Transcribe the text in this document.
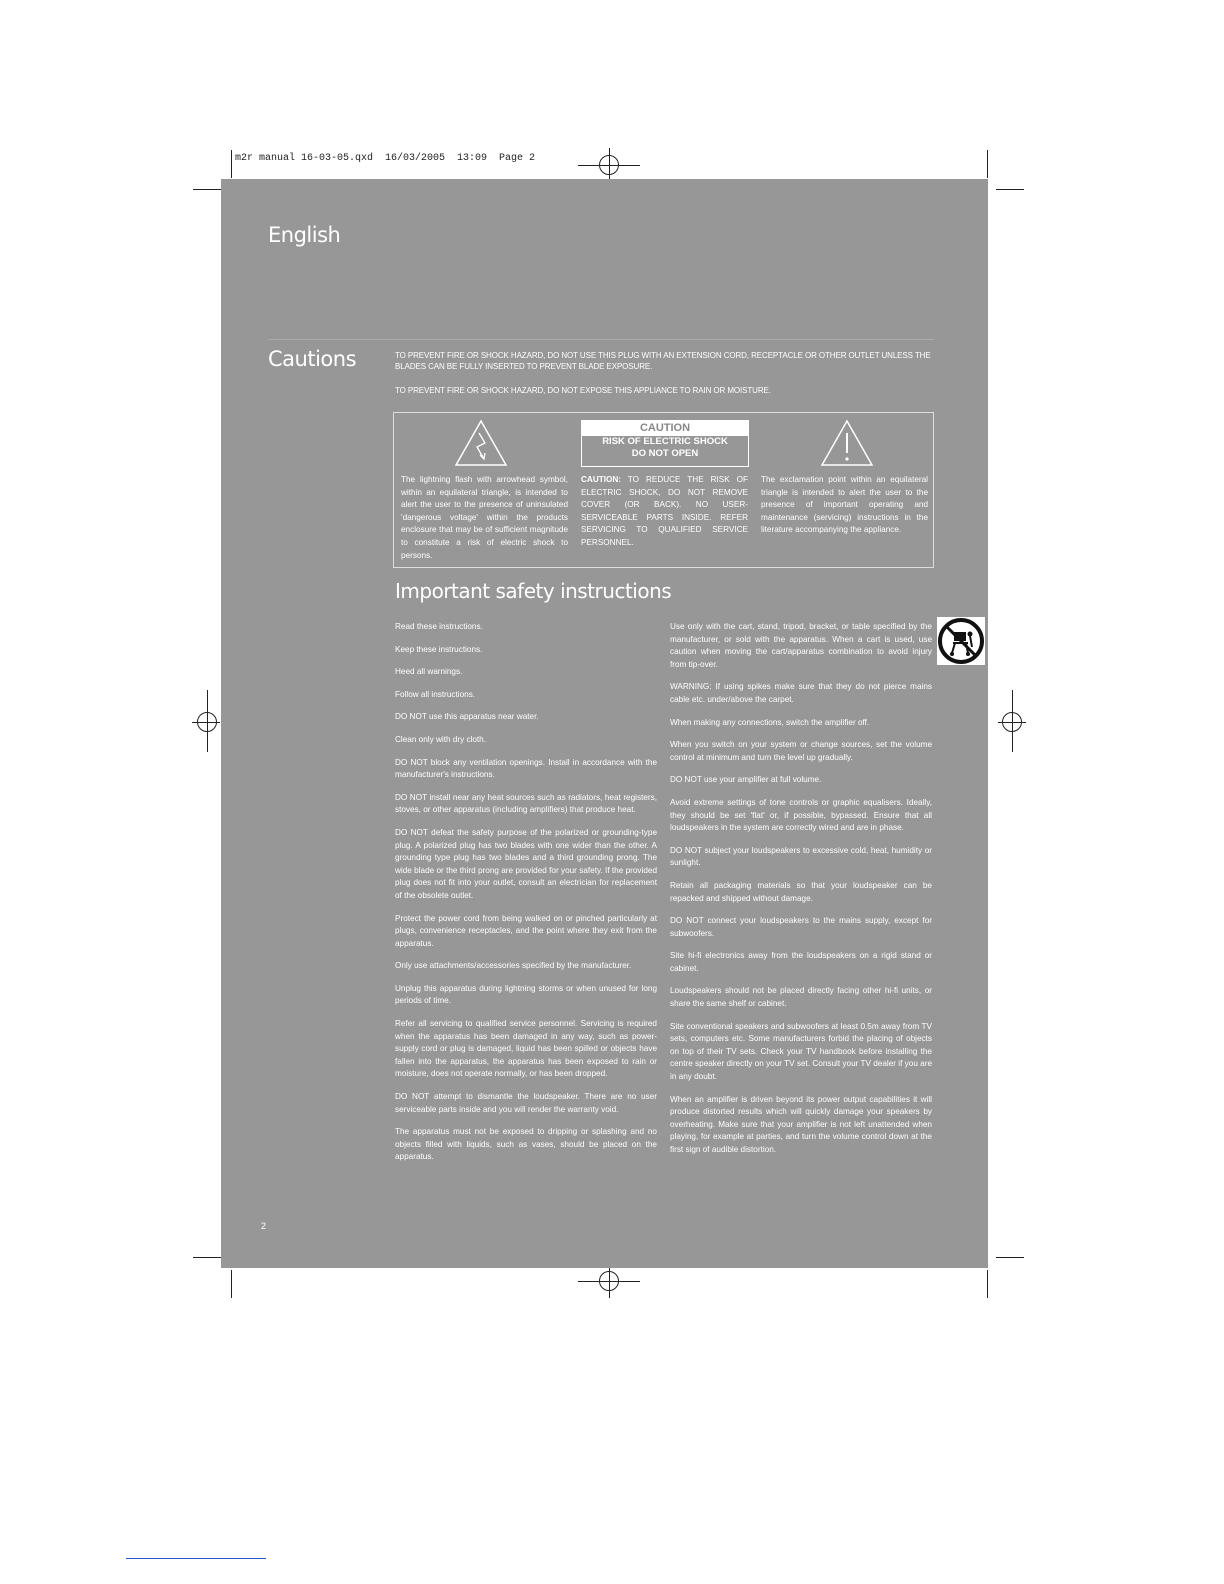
m2r manual 16-03-05.qxd  16/03/2005  13:09  Page 2
English
Cautions	TO PREVENT FIRE OR SHOCK HAZARD, DO NOT USE THIS PLUG WITH AN EXTENSION CORD, RECEPTACLE OR OTHER OUTLET UNLESS THE BLADES CAN BE FULLY INSERTED TO PREVENT BLADE EXPOSURE.
TO PREVENT FIRE OR SHOCK HAZARD, DO NOT EXPOSE THIS APPLIANCE TO RAIN OR MOISTURE.
CAUTION
RISK OF ELECTRIC SHOCK
DO NOT OPEN
The lightning flash with arrowhead symbol, within an equilateral triangle, is intended to alert the user to the presence of uninsulated 'dangerous voltage' within the products enclosure that may be of sufficient magnitude to constitute a risk of electric shock to persons.
CAUTION: TO REDUCE THE RISK OF ELECTRIC SHOCK, DO NOT REMOVE COVER (OR BACK). NO USER-SERVICEABLE PARTS INSIDE. REFER SERVICING TO QUALIFIED SERVICE PERSONNEL.
The exclamation point within an equilateral triangle is intended to alert the user to the presence of important operating and maintenance (servicing) instructions in the literature accompanying the appliance.
Important safety instructions

Read these instructions.

Keep these instructions.

Heed all warnings.

Follow all instructions.

DO NOT use this apparatus near water.

Clean only with dry cloth.

DO NOT block any ventilation openings. Install in accordance with the manufacturer's instructions.

DO NOT install near any heat sources such as radiators, heat registers, stoves, or other apparatus (including amplifiers) that produce heat.

DO NOT defeat the safety purpose of the polarized or grounding-type plug. A polarized plug has two blades with one wider than the other. A grounding type plug has two blades and a third grounding prong. The wide blade or the third prong are provided for your safety. If the provided plug does not fit into your outlet, consult an electrician for replacement of the obsolete outlet.

Protect the power cord from being walked on or pinched particularly at plugs, convenience receptacles, and the point where they exit from the apparatus.

Only use attachments/accessories specified by the manufacturer.

Unplug this apparatus during lightning storms or when unused for long periods of time.

Refer all servicing to qualified service personnel. Servicing is required when the apparatus has been damaged in any way, such as power-supply cord or plug is damaged, liquid has been spilled or objects have fallen into the apparatus, the apparatus has been exposed to rain or moisture, does not operate normally, or has been dropped.

DO NOT attempt to dismantle the loudspeaker. There are no user serviceable parts inside and you will render the warranty void.

The apparatus must not be exposed to dripping or splashing and no objects filled with liquids, such as vases, should be placed on the apparatus.

Use only with the cart, stand, tripod, bracket, or table specified by the manufacturer, or sold with the apparatus. When a cart is used, use caution when moving the cart/apparatus combination to avoid injury from tip-over.

WARNING: If using spikes make sure that they do not pierce mains cable etc. under/above the carpet.

When making any connections, switch the amplifier off.

When you switch on your system or change sources, set the volume control at minimum and turn the level up gradually.

DO NOT use your amplifier at full volume.

Avoid extreme settings of tone controls or graphic equalisers. Ideally, they should be set 'flat' or, if possible, bypassed. Ensure that all loudspeakers in the system are correctly wired and are in phase.

DO NOT subject your loudspeakers to excessive cold, heat, humidity or sunlight.

Retain all packaging materials so that your loudspeaker can be repacked and shipped without damage.

DO NOT connect your loudspeakers to the mains supply, except for subwoofers.

Site hi-fi electronics away from the loudspeakers on a rigid stand or cabinet.

Loudspeakers should not be placed directly facing other hi-fi units, or share the same shelf or cabinet.

Site conventional speakers and subwoofers at least 0.5m away from TV sets, computers etc. Some manufacturers forbid the placing of objects on top of their TV sets. Check your TV handbook before installing the centre speaker directly on your TV set. Consult your TV dealer if you are in any doubt.

When an amplifier is driven beyond its power output capabilities it will produce distorted results which will quickly damage your speakers by overheating. Make sure that your amplifier is not left unattended when playing, for example at parties, and turn the volume control down at the first sign of audible distortion.

2
